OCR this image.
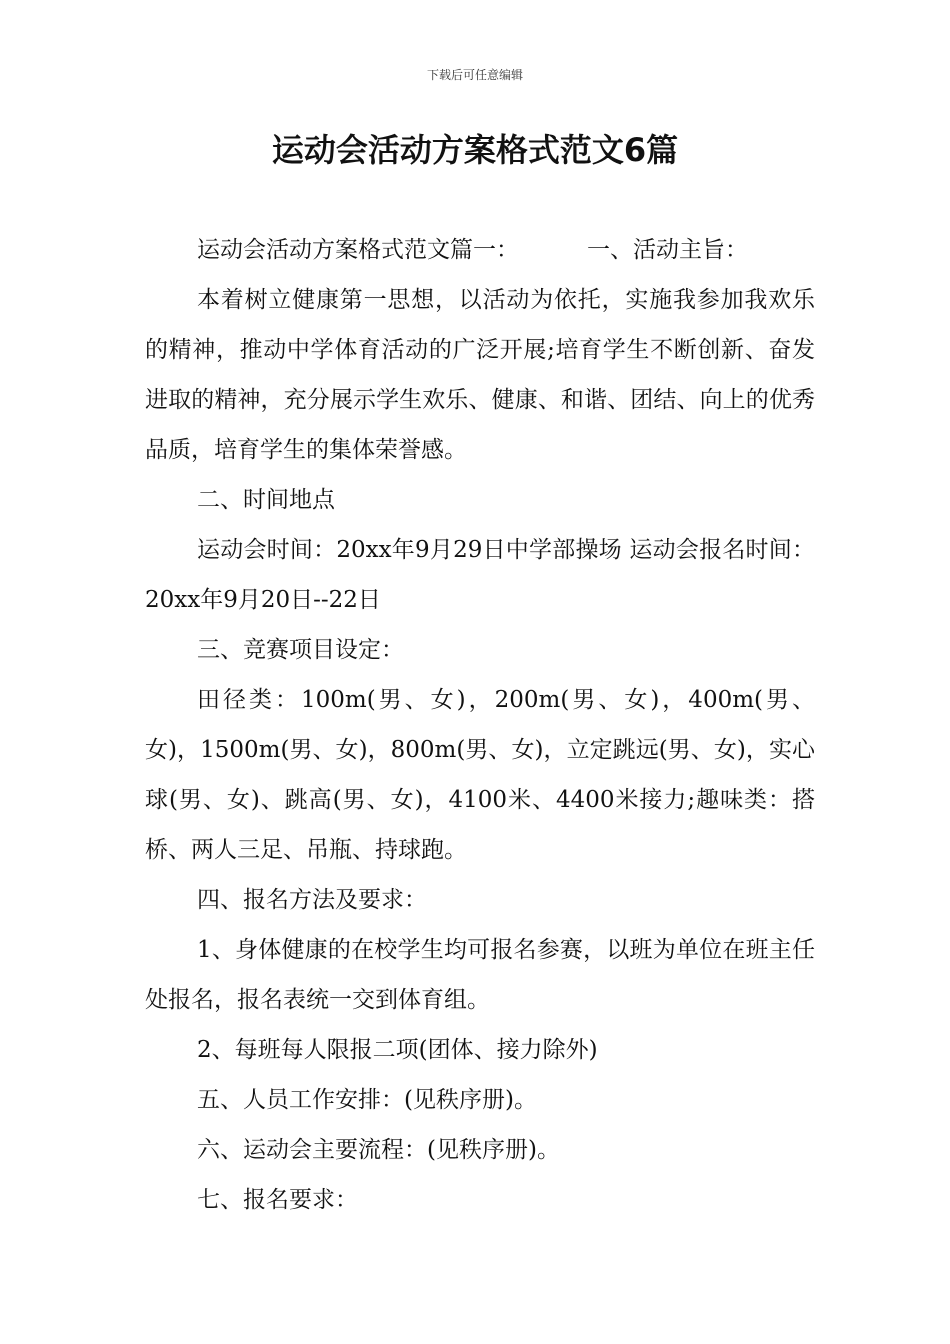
下载后可任意编辑
运动会活动方案格式范文6篇

运动会活动方案格式范文篇一：	一、活动主旨：

本着树立健康第一思想，以活动为依托，实施我参加我欢乐的精神，推动中学体育活动的广泛开展;培育学生不断创新、奋发进取的精神，充分展示学生欢乐、健康、和谐、团结、向上的优秀品质，培育学生的集体荣誉感。

二、时间地点

运动会时间：20xx年9月29日中学部操场 运动会报名时间：20xx年9月20日--22日

三、竞赛项目设定：

田径类：100m(男、女)，200m(男、女)，400m(男、女)，1500m(男、女)，800m(男、女)，立定跳远(男、女)，实心球(男、女)、跳高(男、女)，4100米、4400米接力;趣味类：搭桥、两人三足、吊瓶、持球跑。

四、报名方法及要求：

1、身体健康的在校学生均可报名参赛，以班为单位在班主任处报名，报名表统一交到体育组。

2、每班每人限报二项(团体、接力除外)

五、人员工作安排：(见秩序册)。

六、运动会主要流程：(见秩序册)。

七、报名要求：
